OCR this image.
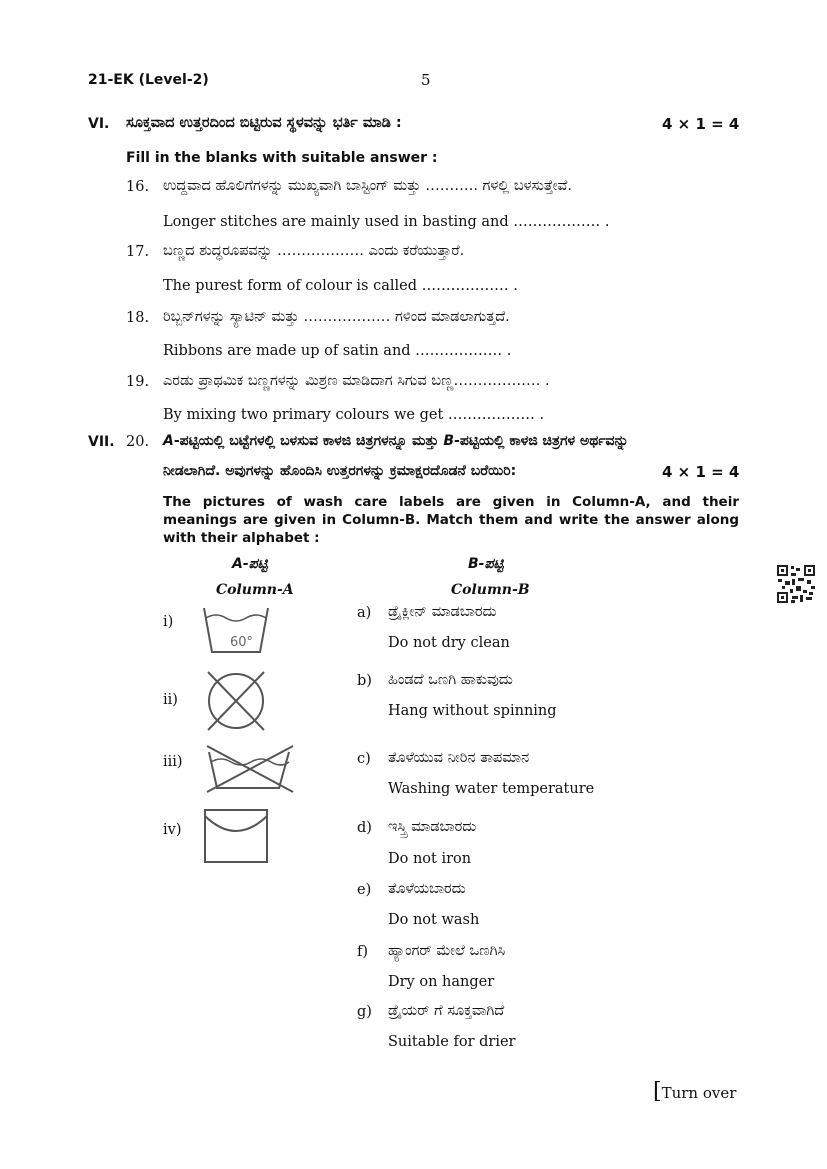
21-EK (Level-2)	5
VI. ಸೂಕ್ತವಾದ ಉತ್ತರದಿಂದ ಬಿಟ್ಟಿರುವ ಸ್ಥಳವನ್ನು ಭರ್ತಿ ಮಾಡಿ :	4 × 1 = 4
Fill in the blanks with suitable answer :
16. ಉದ್ದವಾದ ಹೊಲಿಗೆಗಳನ್ನು ಮುಖ್ಯವಾಗಿ ಬಾಸ್ಟಿಂಗ್ ಮತ್ತು ……….. ಗಳಲ್ಲಿ ಬಳಸುತ್ತೇವೆ.
Longer stitches are mainly used in basting and ……………… .
17. ಬಣ್ಣದ ಶುದ್ಧರೂಪವನ್ನು ……………… ಎಂದು ಕರೆಯುತ್ತಾರೆ.
The purest form of colour is called ……………… .
18. ರಿಬ್ಬನ್‌ಗಳನ್ನು ಸ್ಯಾಟಿನ್ ಮತ್ತು ……………… ಗಳಿಂದ ಮಾಡಲಾಗುತ್ತದೆ.
Ribbons are made up of satin and ……………… .
19. ಎರಡು ಪ್ರಾಥಮಿಕ ಬಣ್ಣಗಳನ್ನು ಮಿಶ್ರಣ ಮಾಡಿದಾಗ ಸಿಗುವ ಬಣ್ಣ……………… .
By mixing two primary colours we get ……………… .
VII. 20. A-ಪಟ್ಟಿಯಲ್ಲಿ ಬಟ್ಟೆಗಳಲ್ಲಿ ಬಳಸುವ ಕಾಳಜಿ ಚಿತ್ರಗಳನ್ನೂ ಮತ್ತು B-ಪಟ್ಟಿಯಲ್ಲಿ ಕಾಳಜಿ ಚಿತ್ರಗಳ ಅರ್ಥವನ್ನು
ನೀಡಲಾಗಿದೆ. ಅವುಗಳನ್ನು ಹೊಂದಿಸಿ ಉತ್ತರಗಳನ್ನು ಕ್ರಮಾಕ್ಷರದೊಡನೆ ಬರೆಯಿರಿ:	4 × 1 = 4
The pictures of wash care labels are given in Column-A, and their meanings are given in Column-B. Match them and write the answer along with their alphabet :
A-ಪಟ್ಟಿ
Column-A
B-ಪಟ್ಟಿ
Column-B
i)
60°
ii)
iii)
iv)
a) ಡ್ರೈಕ್ಲೀನ್ ಮಾಡಬಾರದು
Do not dry clean
b) ಹಿಂಡದೆ ಒಣಗಿ ಹಾಕುವುದು
Hang without spinning
c) ತೊಳೆಯುವ ನೀರಿನ ತಾಪಮಾನ
Washing water temperature
d) ಇಸ್ತ್ರಿ ಮಾಡಬಾರದು
Do not iron
e) ತೊಳೆಯಬಾರದು
Do not wash
f) ಹ್ಯಾಂಗರ್ ಮೇಲೆ ಒಣಗಿಸಿ
Dry on hanger
g) ಡ್ರೈಯರ್ ಗೆ ಸೂಕ್ತವಾಗಿದೆ
Suitable for drier
[Turn over
